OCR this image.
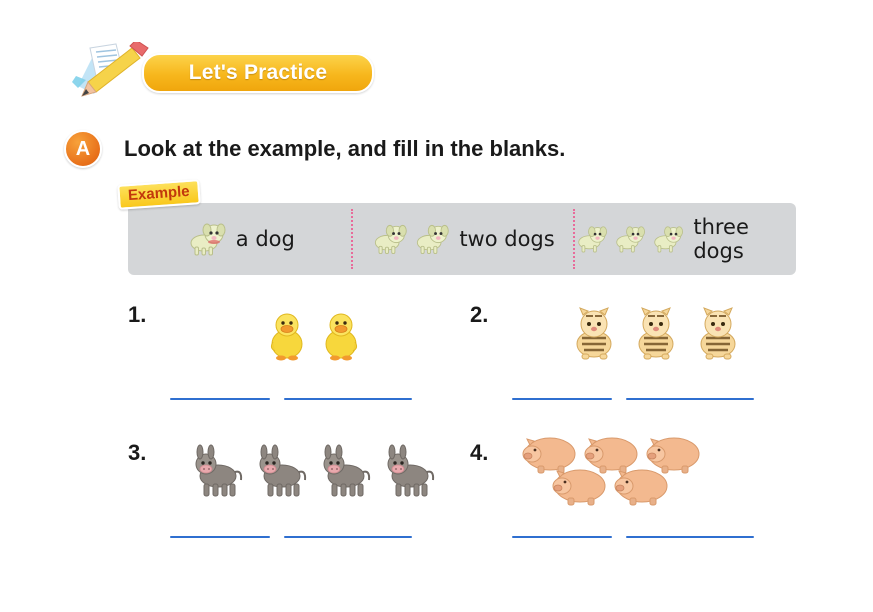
Let's Practice
A	Look at the example, and fill in the blanks.
Example
a dog	two dogs	three dogs
1.	2.
3.	4.
